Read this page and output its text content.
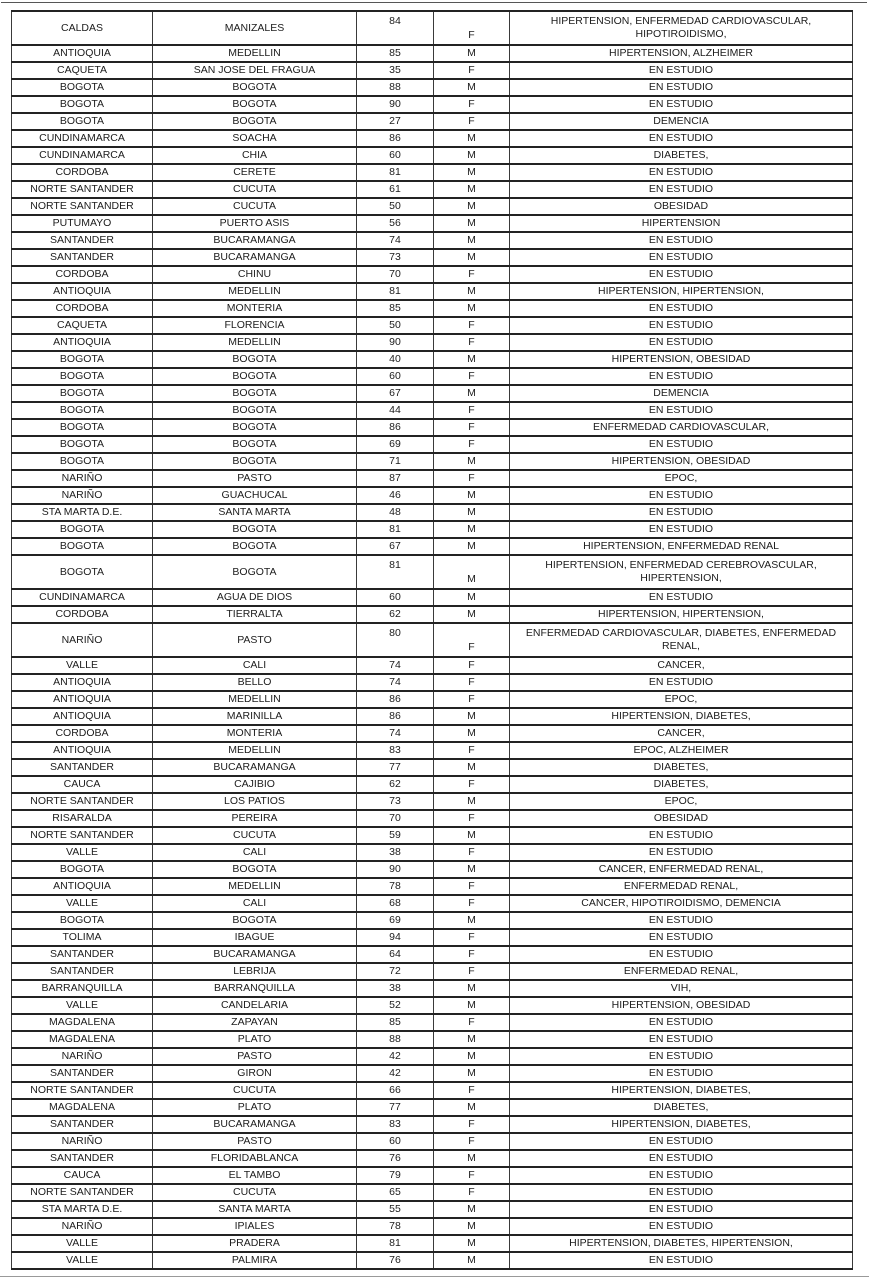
CALDAS	MANIZALES	84	F	HIPERTENSION, ENFERMEDAD CARDIOVASCULAR,
HIPOTIROIDISMO,
ANTIOQUIA	MEDELLIN	85	M	HIPERTENSION, ALZHEIMER
CAQUETA	SAN JOSE DEL FRAGUA	35	F	EN ESTUDIO
BOGOTA	BOGOTA	88	M	EN ESTUDIO
BOGOTA	BOGOTA	90	F	EN ESTUDIO
BOGOTA	BOGOTA	27	F	DEMENCIA
CUNDINAMARCA	SOACHA	86	M	EN ESTUDIO
CUNDINAMARCA	CHIA	60	M	DIABETES,
CORDOBA	CERETE	81	M	EN ESTUDIO
NORTE SANTANDER	CUCUTA	61	M	EN ESTUDIO
NORTE SANTANDER	CUCUTA	50	M	OBESIDAD
PUTUMAYO	PUERTO ASIS	56	M	HIPERTENSION
SANTANDER	BUCARAMANGA	74	M	EN ESTUDIO
SANTANDER	BUCARAMANGA	73	M	EN ESTUDIO
CORDOBA	CHINU	70	F	EN ESTUDIO
ANTIOQUIA	MEDELLIN	81	M	HIPERTENSION, HIPERTENSION,
CORDOBA	MONTERIA	85	M	EN ESTUDIO
CAQUETA	FLORENCIA	50	F	EN ESTUDIO
ANTIOQUIA	MEDELLIN	90	F	EN ESTUDIO
BOGOTA	BOGOTA	40	M	HIPERTENSION, OBESIDAD
BOGOTA	BOGOTA	60	F	EN ESTUDIO
BOGOTA	BOGOTA	67	M	DEMENCIA
BOGOTA	BOGOTA	44	F	EN ESTUDIO
BOGOTA	BOGOTA	86	F	ENFERMEDAD CARDIOVASCULAR,
BOGOTA	BOGOTA	69	F	EN ESTUDIO
BOGOTA	BOGOTA	71	M	HIPERTENSION, OBESIDAD
NARIÑO	PASTO	87	F	EPOC,
NARIÑO	GUACHUCAL	46	M	EN ESTUDIO
STA MARTA D.E.	SANTA MARTA	48	M	EN ESTUDIO
BOGOTA	BOGOTA	81	M	EN ESTUDIO
BOGOTA	BOGOTA	67	M	HIPERTENSION, ENFERMEDAD RENAL
BOGOTA	BOGOTA	81	M	HIPERTENSION, ENFERMEDAD CEREBROVASCULAR,
HIPERTENSION,
CUNDINAMARCA	AGUA DE DIOS	60	M	EN ESTUDIO
CORDOBA	TIERRALTA	62	M	HIPERTENSION, HIPERTENSION,
NARIÑO	PASTO	80	F	ENFERMEDAD CARDIOVASCULAR, DIABETES, ENFERMEDAD
RENAL,
VALLE	CALI	74	F	CANCER,
ANTIOQUIA	BELLO	74	F	EN ESTUDIO
ANTIOQUIA	MEDELLIN	86	F	EPOC,
ANTIOQUIA	MARINILLA	86	M	HIPERTENSION, DIABETES,
CORDOBA	MONTERIA	74	M	CANCER,
ANTIOQUIA	MEDELLIN	83	F	EPOC, ALZHEIMER
SANTANDER	BUCARAMANGA	77	M	DIABETES,
CAUCA	CAJIBIO	62	F	DIABETES,
NORTE SANTANDER	LOS PATIOS	73	M	EPOC,
RISARALDA	PEREIRA	70	F	OBESIDAD
NORTE SANTANDER	CUCUTA	59	M	EN ESTUDIO
VALLE	CALI	38	F	EN ESTUDIO
BOGOTA	BOGOTA	90	M	CANCER, ENFERMEDAD RENAL,
ANTIOQUIA	MEDELLIN	78	F	ENFERMEDAD RENAL,
VALLE	CALI	68	F	CANCER, HIPOTIROIDISMO, DEMENCIA
BOGOTA	BOGOTA	69	M	EN ESTUDIO
TOLIMA	IBAGUE	94	F	EN ESTUDIO
SANTANDER	BUCARAMANGA	64	F	EN ESTUDIO
SANTANDER	LEBRIJA	72	F	ENFERMEDAD RENAL,
BARRANQUILLA	BARRANQUILLA	38	M	VIH,
VALLE	CANDELARIA	52	M	HIPERTENSION, OBESIDAD
MAGDALENA	ZAPAYAN	85	F	EN ESTUDIO
MAGDALENA	PLATO	88	M	EN ESTUDIO
NARIÑO	PASTO	42	M	EN ESTUDIO
SANTANDER	GIRON	42	M	EN ESTUDIO
NORTE SANTANDER	CUCUTA	66	F	HIPERTENSION, DIABETES,
MAGDALENA	PLATO	77	M	DIABETES,
SANTANDER	BUCARAMANGA	83	F	HIPERTENSION, DIABETES,
NARIÑO	PASTO	60	F	EN ESTUDIO
SANTANDER	FLORIDABLANCA	76	M	EN ESTUDIO
CAUCA	EL TAMBO	79	F	EN ESTUDIO
NORTE SANTANDER	CUCUTA	65	F	EN ESTUDIO
STA MARTA D.E.	SANTA MARTA	55	M	EN ESTUDIO
NARIÑO	IPIALES	78	M	EN ESTUDIO
VALLE	PRADERA	81	M	HIPERTENSION, DIABETES, HIPERTENSION,
VALLE	PALMIRA	76	M	EN ESTUDIO
